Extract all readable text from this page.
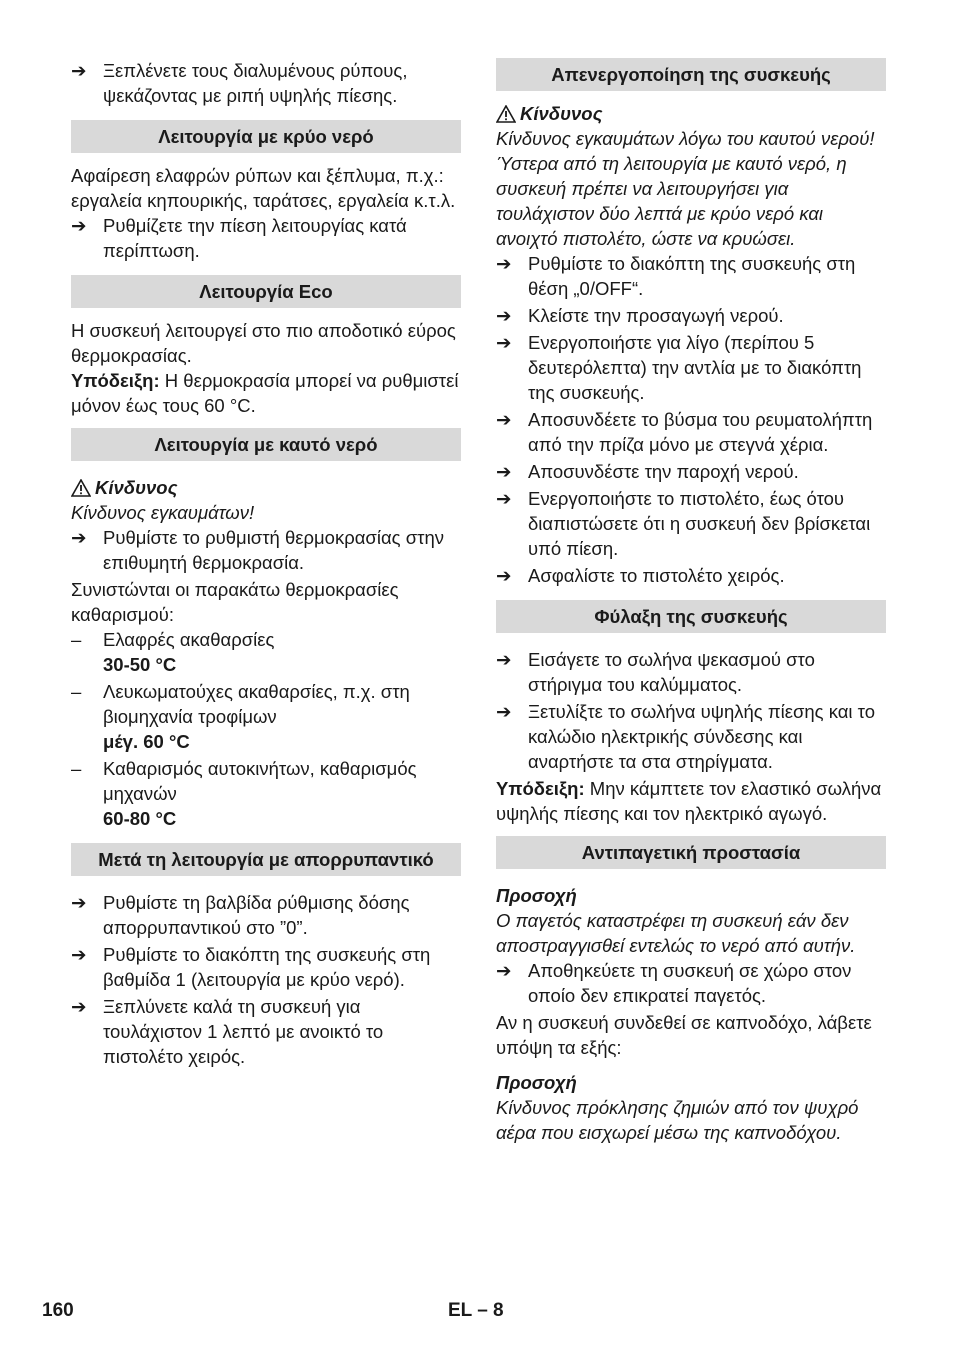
➔ Ξεπλένετε τους διαλυμένους ρύπους, ψεκάζοντας με ριπή υψηλής πίεσης.
Λειτουργία με κρύο νερό

Αφαίρεση ελαφρών ρύπων και ξέπλυμα, π.χ.: εργαλεία κηπουρικής, ταράτσες, εργαλεία κ.τ.λ.

➔ Ρυθμίζετε την πίεση λειτουργίας κατά περίπτωση.
Λειτουργία Eco

Η συσκευή λειτουργεί στο πιο αποδοτικό εύρος θερμοκρασίας.

Υπόδειξη: Η θερμοκρασία μπορεί να ρυθμιστεί μόνον έως τους 60 °C.

Λειτουργία με καυτό νερό
Κίνδυνος

Κίνδυνος εγκαυμάτων!

➔ Ρυθμίστε το ρυθμιστή θερμοκρασίας στην επιθυμητή θερμοκρασία.

Συνιστώνται οι παρακάτω θερμοκρασίες καθαρισμού:

–	Ελαφρές ακαθαρσίες
30-50 °C
–	Λευκωματούχες ακαθαρσίες, π.χ. στη βιομηχανία τροφίμων
μέγ. 60 °C
–	Καθαρισμός αυτοκινήτων, καθαρισμός μηχανών
60-80 °C
Μετά τη λειτουργία με απορρυπαντικό
➔ Ρυθμίστε τη βαλβίδα ρύθμισης δόσης απορρυπαντικού στο ”0”.
➔ Ρυθμίστε το διακόπτη της συσκευής στη βαθμίδα 1 (λειτουργία με κρύο νερό).
➔ Ξεπλύνετε καλά τη συσκευή για τουλάχιστον 1 λεπτό με ανοικτό το πιστολέτο χειρός.
Απενεργοποίηση της συσκευής
Κίνδυνος

Κίνδυνος εγκαυμάτων λόγω του καυτού νερού! Ύστερα από τη λειτουργία με καυτό νερό, η συσκευή πρέπει να λειτουργήσει για τουλάχιστον δύο λεπτά με κρύο νερό και ανοιχτό πιστολέτο, ώστε να κρυώσει.

➔ Ρυθμίστε το διακόπτη της συσκευής στη θέση „0/OFF“.
➔ Κλείστε την προσαγωγή νερού.
➔ Ενεργοποιήστε για λίγο (περίπου 5 δευτερόλεπτα) την αντλία με το διακόπτη της συσκευής.
➔ Αποσυνδέετε το βύσμα του ρευματολήπτη από την πρίζα μόνο με στεγνά χέρια.
➔ Αποσυνδέστε την παροχή νερού.
➔ Ενεργοποιήστε το πιστολέτο, έως ότου διαπιστώσετε ότι η συσκευή δεν βρίσκεται υπό πίεση.
➔ Ασφαλίστε το πιστολέτο χειρός.
Φύλαξη της συσκευής
➔ Εισάγετε το σωλήνα ψεκασμού στο στήριγμα του καλύμματος.
➔ Ξετυλίξτε το σωλήνα υψηλής πίεσης και το καλώδιο ηλεκτρικής σύνδεσης και αναρτήστε τα στα στηρίγματα.

Υπόδειξη: Μην κάμπτετε τον ελαστικό σωλήνα υψηλής πίεσης και τον ηλεκτρικό αγωγό.

Αντιπαγετική προστασία

Προσοχή

Ο παγετός καταστρέφει τη συσκευή εάν δεν αποστραγγισθεί εντελώς το νερό από αυτήν.

➔ Αποθηκεύετε τη συσκευή σε χώρο στον οποίο δεν επικρατεί παγετός.

Αν η συσκευή συνδεθεί σε καπνοδόχο, λάβετε υπόψη τα εξής:

Προσοχή

Κίνδυνος πρόκλησης ζημιών από τον ψυχρό αέρα που εισχωρεί μέσω της καπνοδόχου.

160	EL – 8
